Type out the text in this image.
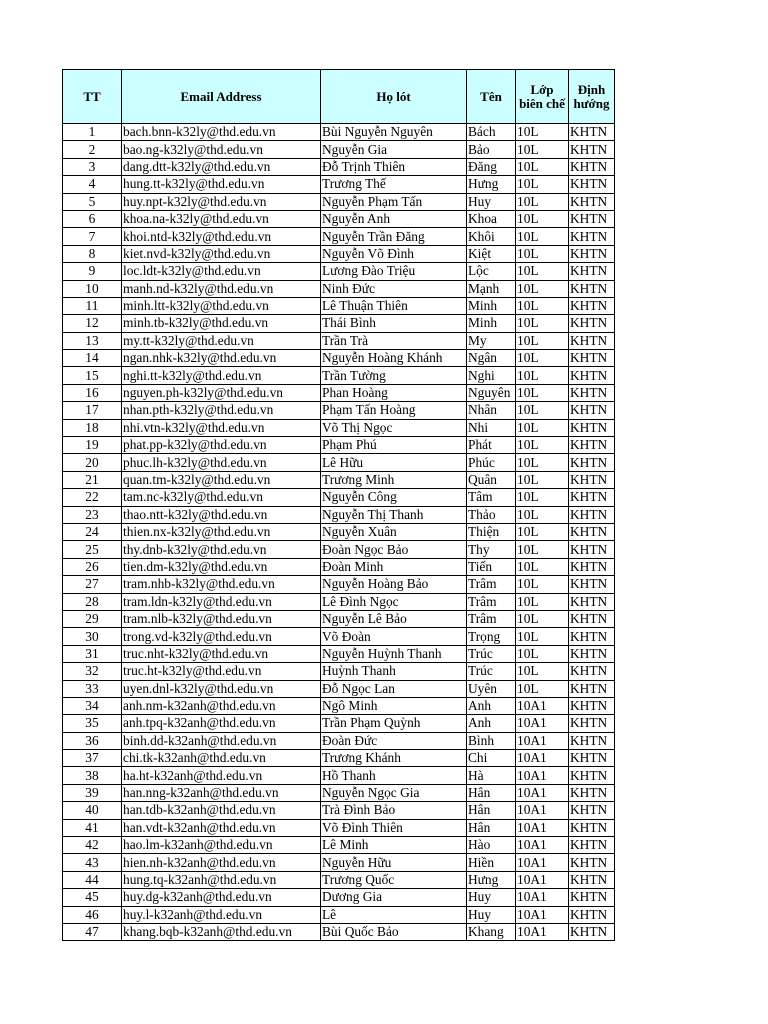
TT	Email Address	Họ lót	Tên	Lớp biên chế	Định hướng
1	bach.bnn-k32ly@thd.edu.vn	Bùi Nguyễn Nguyên	Bách	10L	KHTN
2	bao.ng-k32ly@thd.edu.vn	Nguyễn Gia	Bảo	10L	KHTN
3	dang.dtt-k32ly@thd.edu.vn	Đỗ Trịnh Thiên	Đăng	10L	KHTN
4	hung.tt-k32ly@thd.edu.vn	Trương Thế	Hưng	10L	KHTN
5	huy.npt-k32ly@thd.edu.vn	Nguyễn Phạm Tấn	Huy	10L	KHTN
6	khoa.na-k32ly@thd.edu.vn	Nguyễn Anh	Khoa	10L	KHTN
7	khoi.ntd-k32ly@thd.edu.vn	Nguyễn Trần Đăng	Khôi	10L	KHTN
8	kiet.nvd-k32ly@thd.edu.vn	Nguyễn Võ Đình	Kiệt	10L	KHTN
9	loc.ldt-k32ly@thd.edu.vn	Lương Đào Triệu	Lộc	10L	KHTN
10	manh.nd-k32ly@thd.edu.vn	Ninh Đức	Mạnh	10L	KHTN
11	minh.ltt-k32ly@thd.edu.vn	Lê Thuận Thiên	Minh	10L	KHTN
12	minh.tb-k32ly@thd.edu.vn	Thái Bình	Minh	10L	KHTN
13	my.tt-k32ly@thd.edu.vn	Trần Trà	My	10L	KHTN
14	ngan.nhk-k32ly@thd.edu.vn	Nguyễn Hoàng Khánh	Ngân	10L	KHTN
15	nghi.tt-k32ly@thd.edu.vn	Trần Tường	Nghi	10L	KHTN
16	nguyen.ph-k32ly@thd.edu.vn	Phan Hoàng	Nguyên	10L	KHTN
17	nhan.pth-k32ly@thd.edu.vn	Phạm Tấn Hoàng	Nhân	10L	KHTN
18	nhi.vtn-k32ly@thd.edu.vn	Võ Thị Ngọc	Nhi	10L	KHTN
19	phat.pp-k32ly@thd.edu.vn	Phạm Phú	Phát	10L	KHTN
20	phuc.lh-k32ly@thd.edu.vn	Lê Hữu	Phúc	10L	KHTN
21	quan.tm-k32ly@thd.edu.vn	Trương Minh	Quân	10L	KHTN
22	tam.nc-k32ly@thd.edu.vn	Nguyễn Công	Tâm	10L	KHTN
23	thao.ntt-k32ly@thd.edu.vn	Nguyễn Thị Thanh	Thảo	10L	KHTN
24	thien.nx-k32ly@thd.edu.vn	Nguyễn Xuân	Thiện	10L	KHTN
25	thy.dnb-k32ly@thd.edu.vn	Đoàn Ngọc Bảo	Thy	10L	KHTN
26	tien.dm-k32ly@thd.edu.vn	Đoàn Minh	Tiến	10L	KHTN
27	tram.nhb-k32ly@thd.edu.vn	Nguyễn Hoàng Bảo	Trâm	10L	KHTN
28	tram.ldn-k32ly@thd.edu.vn	Lê Đình Ngọc	Trâm	10L	KHTN
29	tram.nlb-k32ly@thd.edu.vn	Nguyễn Lê Bảo	Trâm	10L	KHTN
30	trong.vd-k32ly@thd.edu.vn	Võ Đoàn	Trọng	10L	KHTN
31	truc.nht-k32ly@thd.edu.vn	Nguyễn Huỳnh Thanh	Trúc	10L	KHTN
32	truc.ht-k32ly@thd.edu.vn	Huỳnh Thanh	Trúc	10L	KHTN
33	uyen.dnl-k32ly@thd.edu.vn	Đỗ Ngọc Lan	Uyên	10L	KHTN
34	anh.nm-k32anh@thd.edu.vn	Ngô Minh	Anh	10A1	KHTN
35	anh.tpq-k32anh@thd.edu.vn	Trần Phạm Quỳnh	Anh	10A1	KHTN
36	binh.dd-k32anh@thd.edu.vn	Đoàn Đức	Bình	10A1	KHTN
37	chi.tk-k32anh@thd.edu.vn	Trương Khánh	Chi	10A1	KHTN
38	ha.ht-k32anh@thd.edu.vn	Hồ Thanh	Hà	10A1	KHTN
39	han.nng-k32anh@thd.edu.vn	Nguyễn Ngọc Gia	Hân	10A1	KHTN
40	han.tdb-k32anh@thd.edu.vn	Trà Đình Bảo	Hân	10A1	KHTN
41	han.vdt-k32anh@thd.edu.vn	Võ Đình Thiên	Hân	10A1	KHTN
42	hao.lm-k32anh@thd.edu.vn	Lê Minh	Hào	10A1	KHTN
43	hien.nh-k32anh@thd.edu.vn	Nguyễn Hữu	Hiền	10A1	KHTN
44	hung.tq-k32anh@thd.edu.vn	Trương Quốc	Hưng	10A1	KHTN
45	huy.dg-k32anh@thd.edu.vn	Dương Gia	Huy	10A1	KHTN
46	huy.l-k32anh@thd.edu.vn	Lê	Huy	10A1	KHTN
47	khang.bqb-k32anh@thd.edu.vn	Bùi Quốc Bảo	Khang	10A1	KHTN
